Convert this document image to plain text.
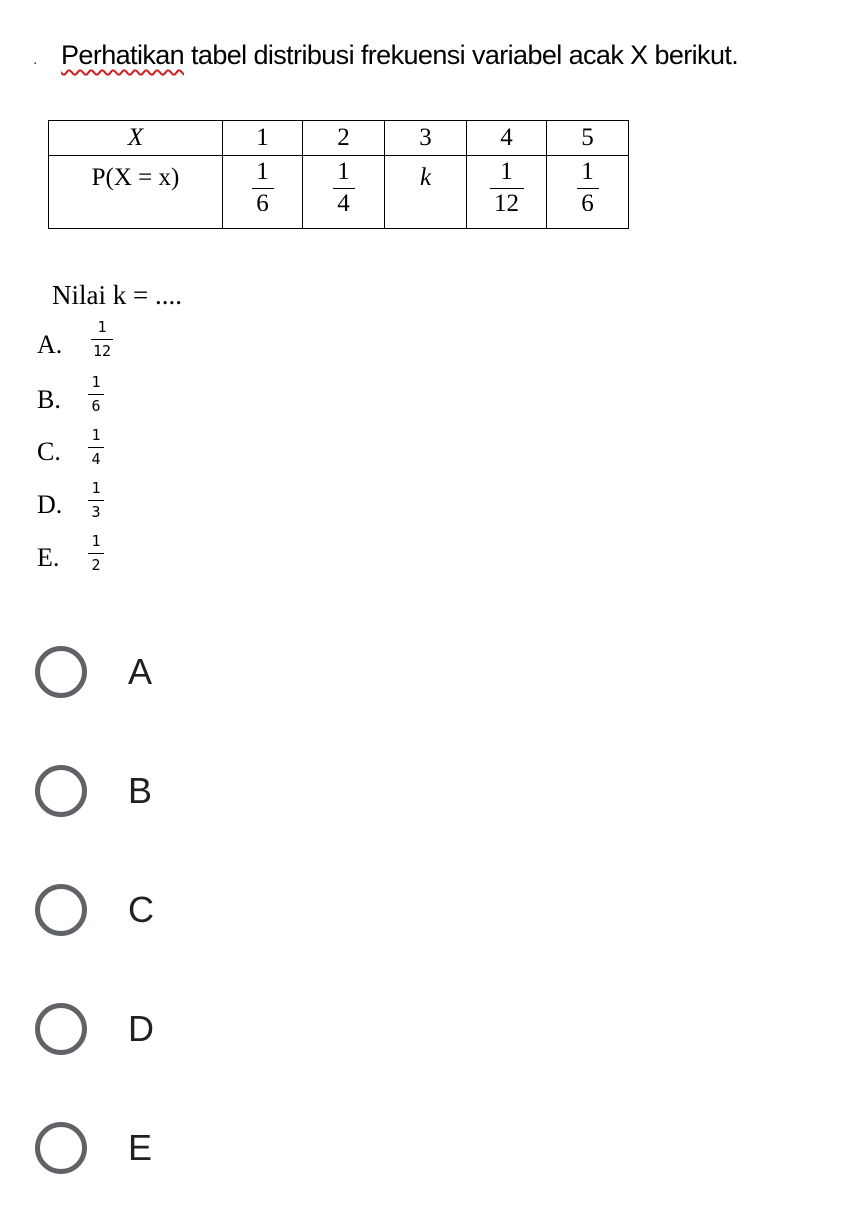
. Perhatikan tabel distribusi frekuensi variabel acak X berikut.
X	1	2	3	4	5
P(X = x)	$\frac{1}{6}$	$\frac{1}{4}$	k	$\frac{1}{12}$	$\frac{1}{6}$
Nilai k = ....
A.
1
12
B.
1
6
C.
1
4
D.
1
3
E.
1
2
A
B
C
D
E
